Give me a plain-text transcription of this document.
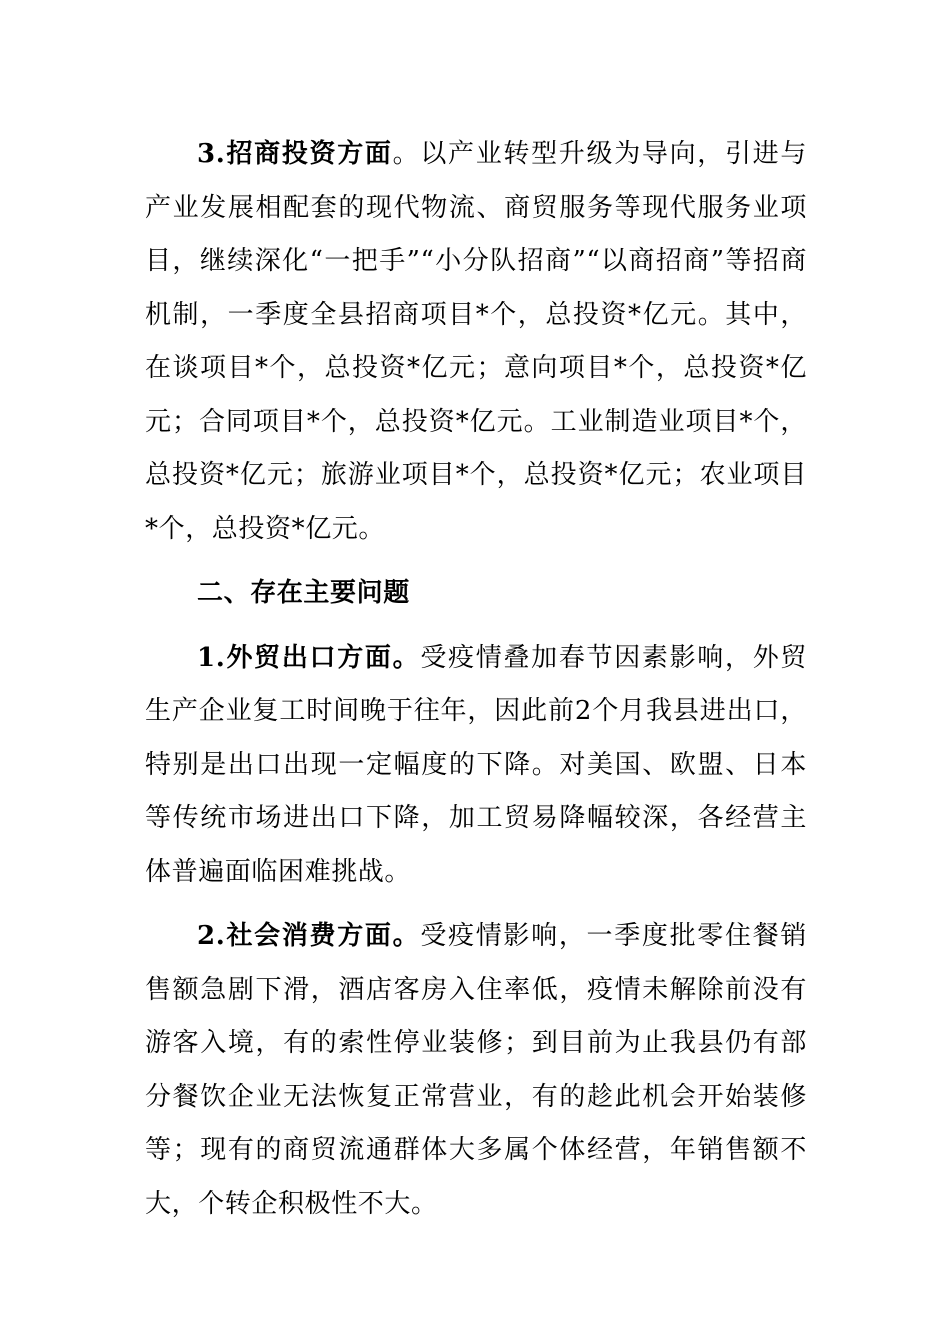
3.招商投资方面。以产业转型升级为导向，引进与产业发展相配套的现代物流、商贸服务等现代服务业项目，继续深化“一把手”“小分队招商”“以商招商”等招商机制，一季度全县招商项目*个，总投资*亿元。其中，在谈项目*个，总投资*亿元；意向项目*个，总投资*亿元；合同项目*个，总投资*亿元。工业制造业项目*个，总投资*亿元；旅游业项目*个，总投资*亿元；农业项目*个，总投资*亿元。

二、存在主要问题

1.外贸出口方面。受疫情叠加春节因素影响，外贸生产企业复工时间晚于往年，因此前2个月我县进出口，特别是出口出现一定幅度的下降。对美国、欧盟、日本等传统市场进出口下降，加工贸易降幅较深，各经营主体普遍面临困难挑战。

2.社会消费方面。受疫情影响，一季度批零住餐销售额急剧下滑，酒店客房入住率低，疫情未解除前没有游客入境，有的索性停业装修；到目前为止我县仍有部分餐饮企业无法恢复正常营业，有的趁此机会开始装修等；现有的商贸流通群体大多属个体经营，年销售额不大，个转企积极性不大。
